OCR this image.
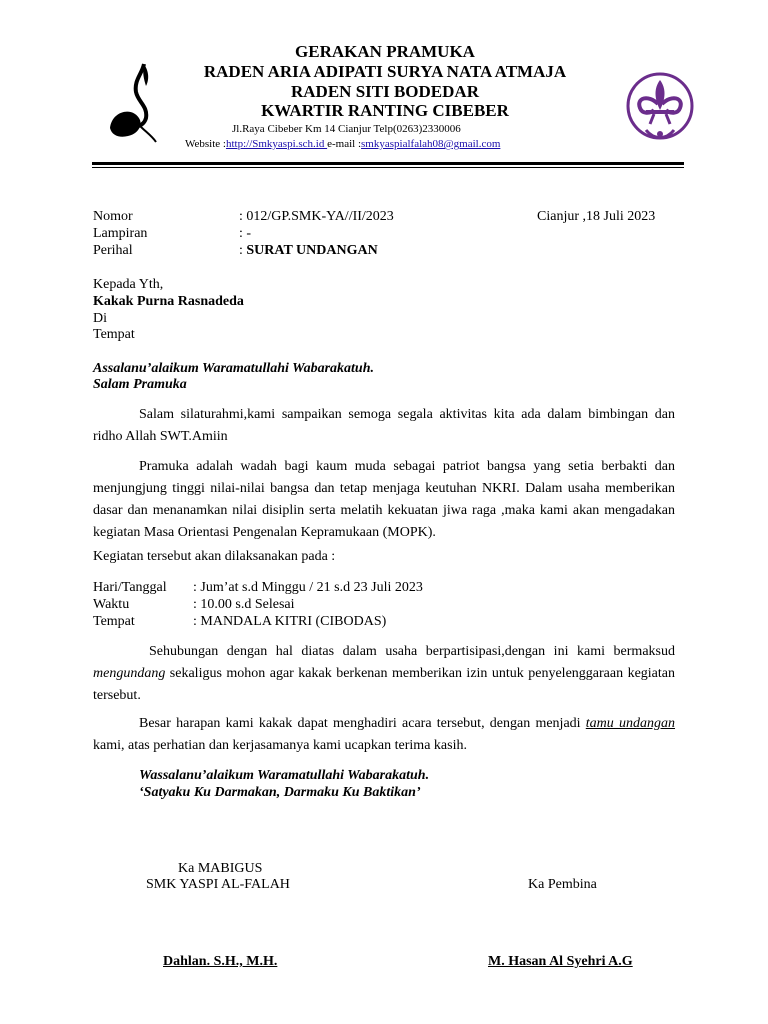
GERAKAN PRAMUKA
RADEN ARIA ADIPATI SURYA NATA ATMAJA
RADEN SITI BODEDAR
KWARTIR RANTING CIBEBER
Jl.Raya Cibeber Km 14 Cianjur Telp(0263)2330006
Website :http://Smkyaspi.sch.id e-mail :smkyaspialfalah08@gmail.com
Nomor	: 012/GP.SMK-YA//II/2023	Cianjur ,18 Juli 2023
Lampiran	: -
Perihal	: SURAT UNDANGAN
Kepada Yth,
Kakak Purna Rasnadeda
Di
Tempat
Assalanu’alaikum Waramatullahi Wabarakatuh.
Salam Pramuka
Salam silaturahmi,kami sampaikan semoga segala aktivitas kita ada dalam bimbingan dan ridho Allah SWT.Amiin
Pramuka adalah wadah bagi kaum muda sebagai patriot bangsa yang setia berbakti dan menjungjung tinggi nilai-nilai bangsa dan tetap menjaga keutuhan NKRI. Dalam usaha memberikan dasar dan menanamkan nilai disiplin serta melatih kekuatan jiwa raga ,maka kami akan mengadakan kegiatan Masa Orientasi Pengenalan Kepramukaan (MOPK).
Kegiatan tersebut akan dilaksanakan pada :
Hari/Tanggal : Jum’at s.d Minggu / 21 s.d 23 Juli 2023
Waktu	: 10.00 s.d Selesai
Tempat	: MANDALA KITRI (CIBODAS)
Sehubungan dengan hal diatas dalam usaha berpartisipasi,dengan ini kami bermaksud mengundang sekaligus mohon agar kakak berkenan memberikan izin untuk penyelenggaraan kegiatan tersebut.
Besar harapan kami kakak dapat menghadiri acara tersebut, dengan menjadi tamu undangan kami, atas perhatian dan kerjasamanya kami ucapkan terima kasih.
Wassalanu’alaikum Waramatullahi Wabarakatuh.
‘Satyaku Ku Darmakan, Darmaku Ku Baktikan’
Ka MABIGUS
SMK YASPI AL-FALAH	Ka Pembina
Dahlan. S.H., M.H.	M. Hasan Al Syehri A.G
